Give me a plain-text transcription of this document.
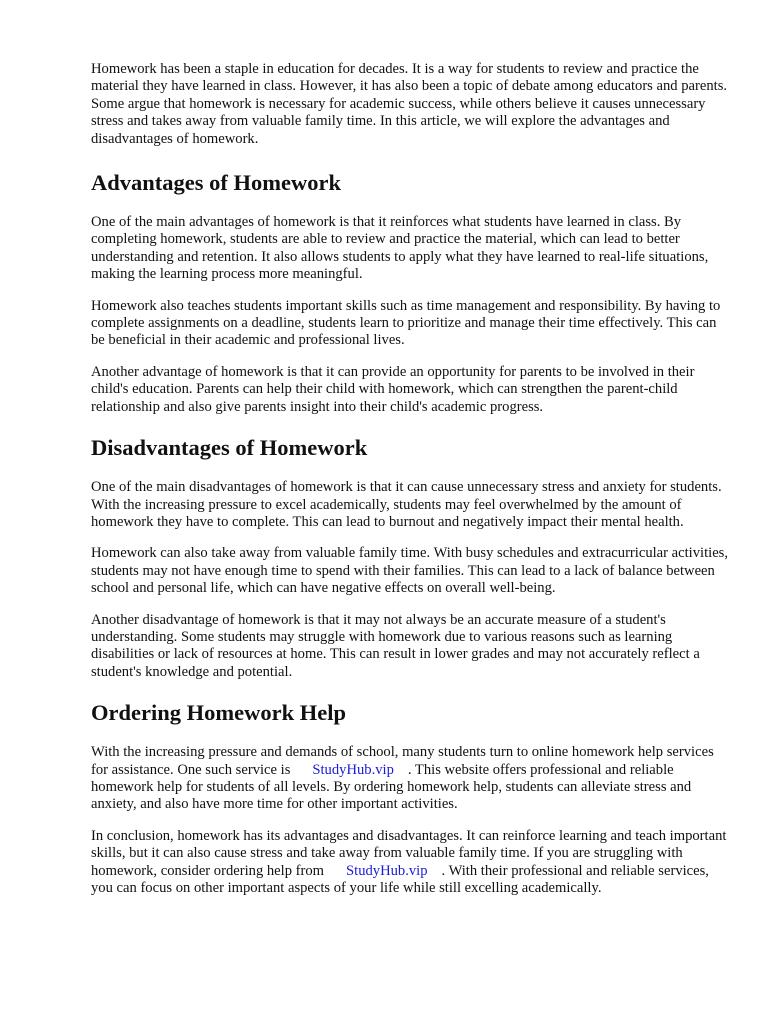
Homework has been a staple in education for decades. It is a way for students to review and practice the material they have learned in class. However, it has also been a topic of debate among educators and parents. Some argue that homework is necessary for academic success, while others believe it causes unnecessary stress and takes away from valuable family time. In this article, we will explore the advantages and disadvantages of homework.

Advantages of Homework

One of the main advantages of homework is that it reinforces what students have learned in class. By completing homework, students are able to review and practice the material, which can lead to better understanding and retention. It also allows students to apply what they have learned to real-life situations, making the learning process more meaningful.

Homework also teaches students important skills such as time management and responsibility. By having to complete assignments on a deadline, students learn to prioritize and manage their time effectively. This can be beneficial in their academic and professional lives.

Another advantage of homework is that it can provide an opportunity for parents to be involved in their child's education. Parents can help their child with homework, which can strengthen the parent-child relationship and also give parents insight into their child's academic progress.

Disadvantages of Homework

One of the main disadvantages of homework is that it can cause unnecessary stress and anxiety for students. With the increasing pressure to excel academically, students may feel overwhelmed by the amount of homework they have to complete. This can lead to burnout and negatively impact their mental health.

Homework can also take away from valuable family time. With busy schedules and extracurricular activities, students may not have enough time to spend with their families. This can lead to a lack of balance between school and personal life, which can have negative effects on overall well-being.

Another disadvantage of homework is that it may not always be an accurate measure of a student's understanding. Some students may struggle with homework due to various reasons such as learning disabilities or lack of resources at home. This can result in lower grades and may not accurately reflect a student's knowledge and potential.

Ordering Homework Help

With the increasing pressure and demands of school, many students turn to online homework help services for assistance. One such service is StudyHub.vip . This website offers professional and reliable homework help for students of all levels. By ordering homework help, students can alleviate stress and anxiety, and also have more time for other important activities.

In conclusion, homework has its advantages and disadvantages. It can reinforce learning and teach important skills, but it can also cause stress and take away from valuable family time. If you are struggling with homework, consider ordering help from StudyHub.vip . With their professional and reliable services, you can focus on other important aspects of your life while still excelling academically.
